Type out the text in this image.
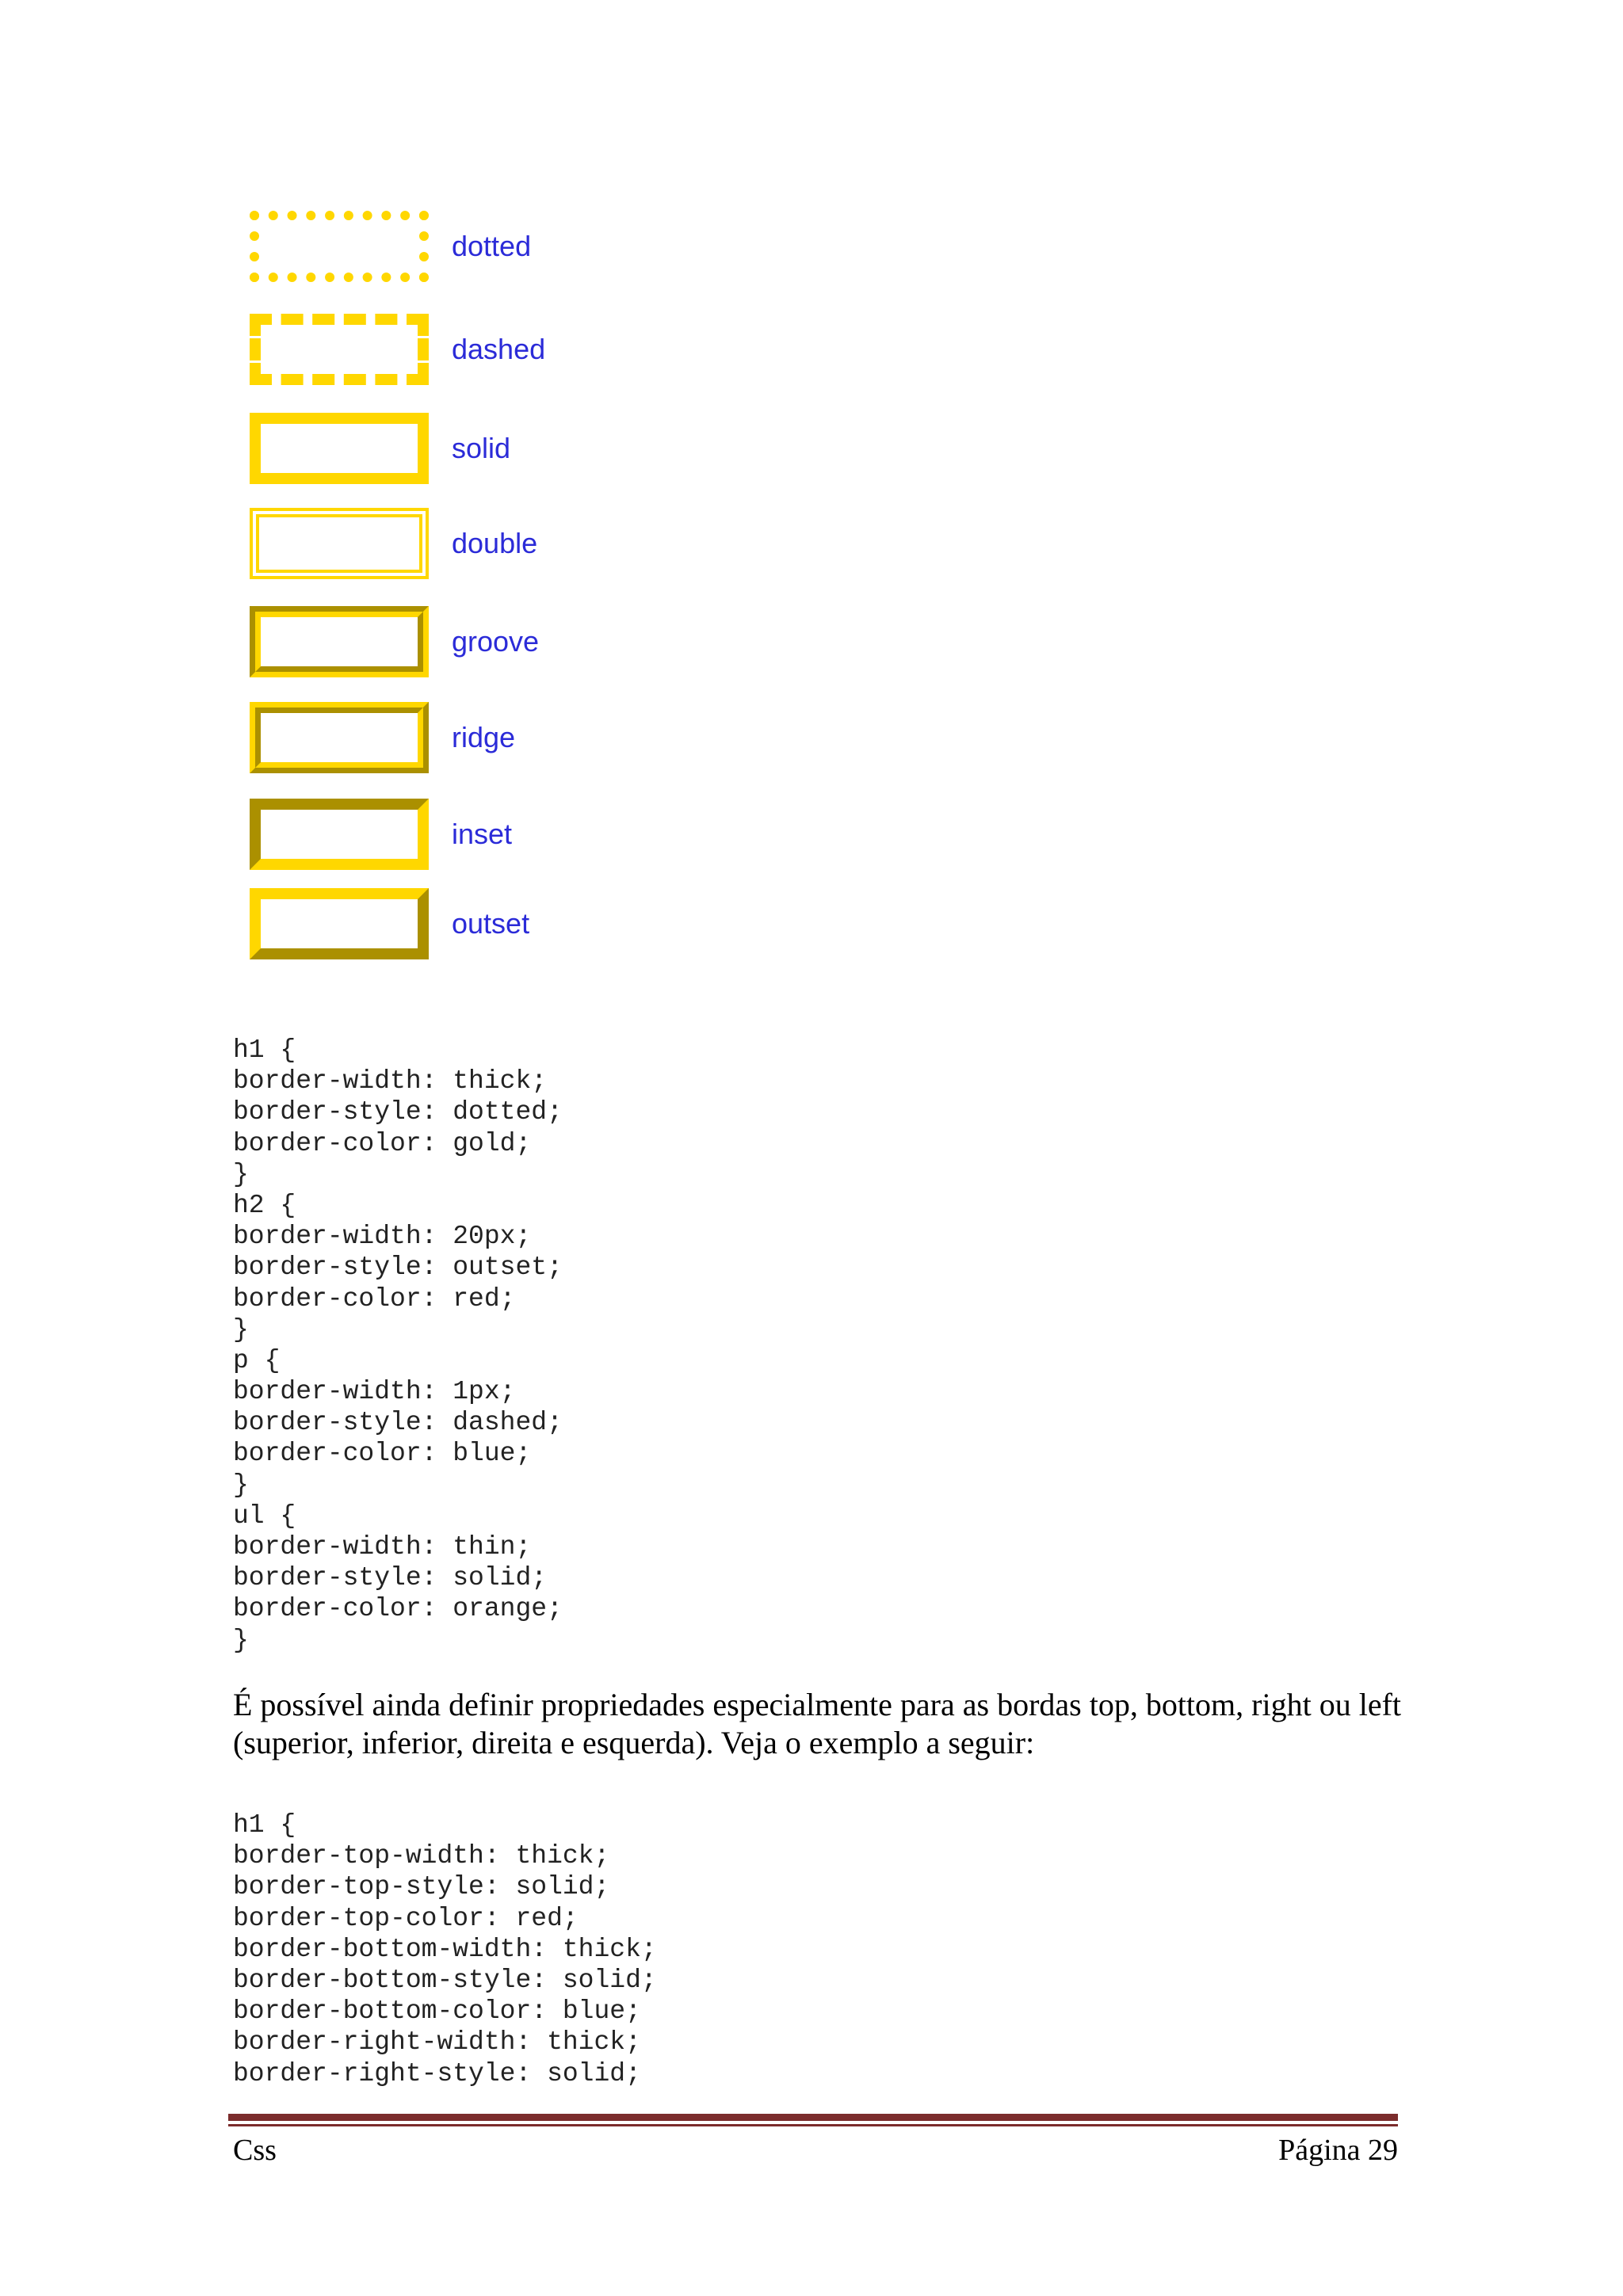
dotted
dashed
solid
double
groove
ridge
inset
outset
h1 {
border-width: thick;
border-style: dotted;
border-color: gold;
}
h2 {
border-width: 20px;
border-style: outset;
border-color: red;
}
p {
border-width: 1px;
border-style: dashed;
border-color: blue;
}
ul {
border-width: thin;
border-style: solid;
border-color: orange;
}

É possível ainda definir propriedades especialmente para as bordas top, bottom, right ou left (superior, inferior, direita e esquerda). Veja o exemplo a seguir:

h1 {
border-top-width: thick;
border-top-style: solid;
border-top-color: red;
border-bottom-width: thick;
border-bottom-style: solid;
border-bottom-color: blue;
border-right-width: thick;
border-right-style: solid;
Css	Página 29
